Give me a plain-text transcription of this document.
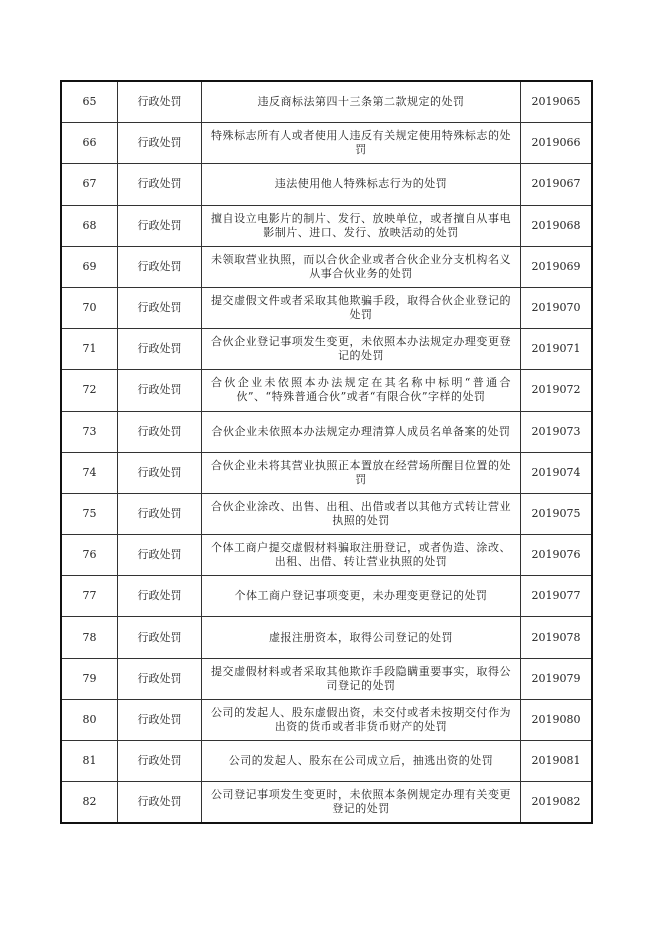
65	行政处罚	违反商标法第四十三条第二款规定的处罚	2019065
66	行政处罚	特殊标志所有人或者使用人违反有关规定使用特殊标志的处罚	2019066
67	行政处罚	违法使用他人特殊标志行为的处罚	2019067
68	行政处罚	擅自设立电影片的制片、发行、放映单位，或者擅自从事电影制片、进口、发行、放映活动的处罚	2019068
69	行政处罚	未领取营业执照，而以合伙企业或者合伙企业分支机构名义从事合伙业务的处罚	2019069
70	行政处罚	提交虚假文件或者采取其他欺骗手段，取得合伙企业登记的处罚	2019070
71	行政处罚	合伙企业登记事项发生变更，未依照本办法规定办理变更登记的处罚	2019071
72	行政处罚	合伙企业未依照本办法规定在其名称中标明“普通合伙”、“特殊普通合伙”或者“有限合伙”字样的处罚	2019072
73	行政处罚	合伙企业未依照本办法规定办理清算人成员名单备案的处罚	2019073
74	行政处罚	合伙企业未将其营业执照正本置放在经营场所醒目位置的处罚	2019074
75	行政处罚	合伙企业涂改、出售、出租、出借或者以其他方式转让营业执照的处罚	2019075
76	行政处罚	个体工商户提交虚假材料骗取注册登记，或者伪造、涂改、出租、出借、转让营业执照的处罚	2019076
77	行政处罚	个体工商户登记事项变更，未办理变更登记的处罚	2019077
78	行政处罚	虚报注册资本，取得公司登记的处罚	2019078
79	行政处罚	提交虚假材料或者采取其他欺诈手段隐瞒重要事实，取得公司登记的处罚	2019079
80	行政处罚	公司的发起人、股东虚假出资，未交付或者未按期交付作为出资的货币或者非货币财产的处罚	2019080
81	行政处罚	公司的发起人、股东在公司成立后，抽逃出资的处罚	2019081
82	行政处罚	公司登记事项发生变更时，未依照本条例规定办理有关变更登记的处罚	2019082
